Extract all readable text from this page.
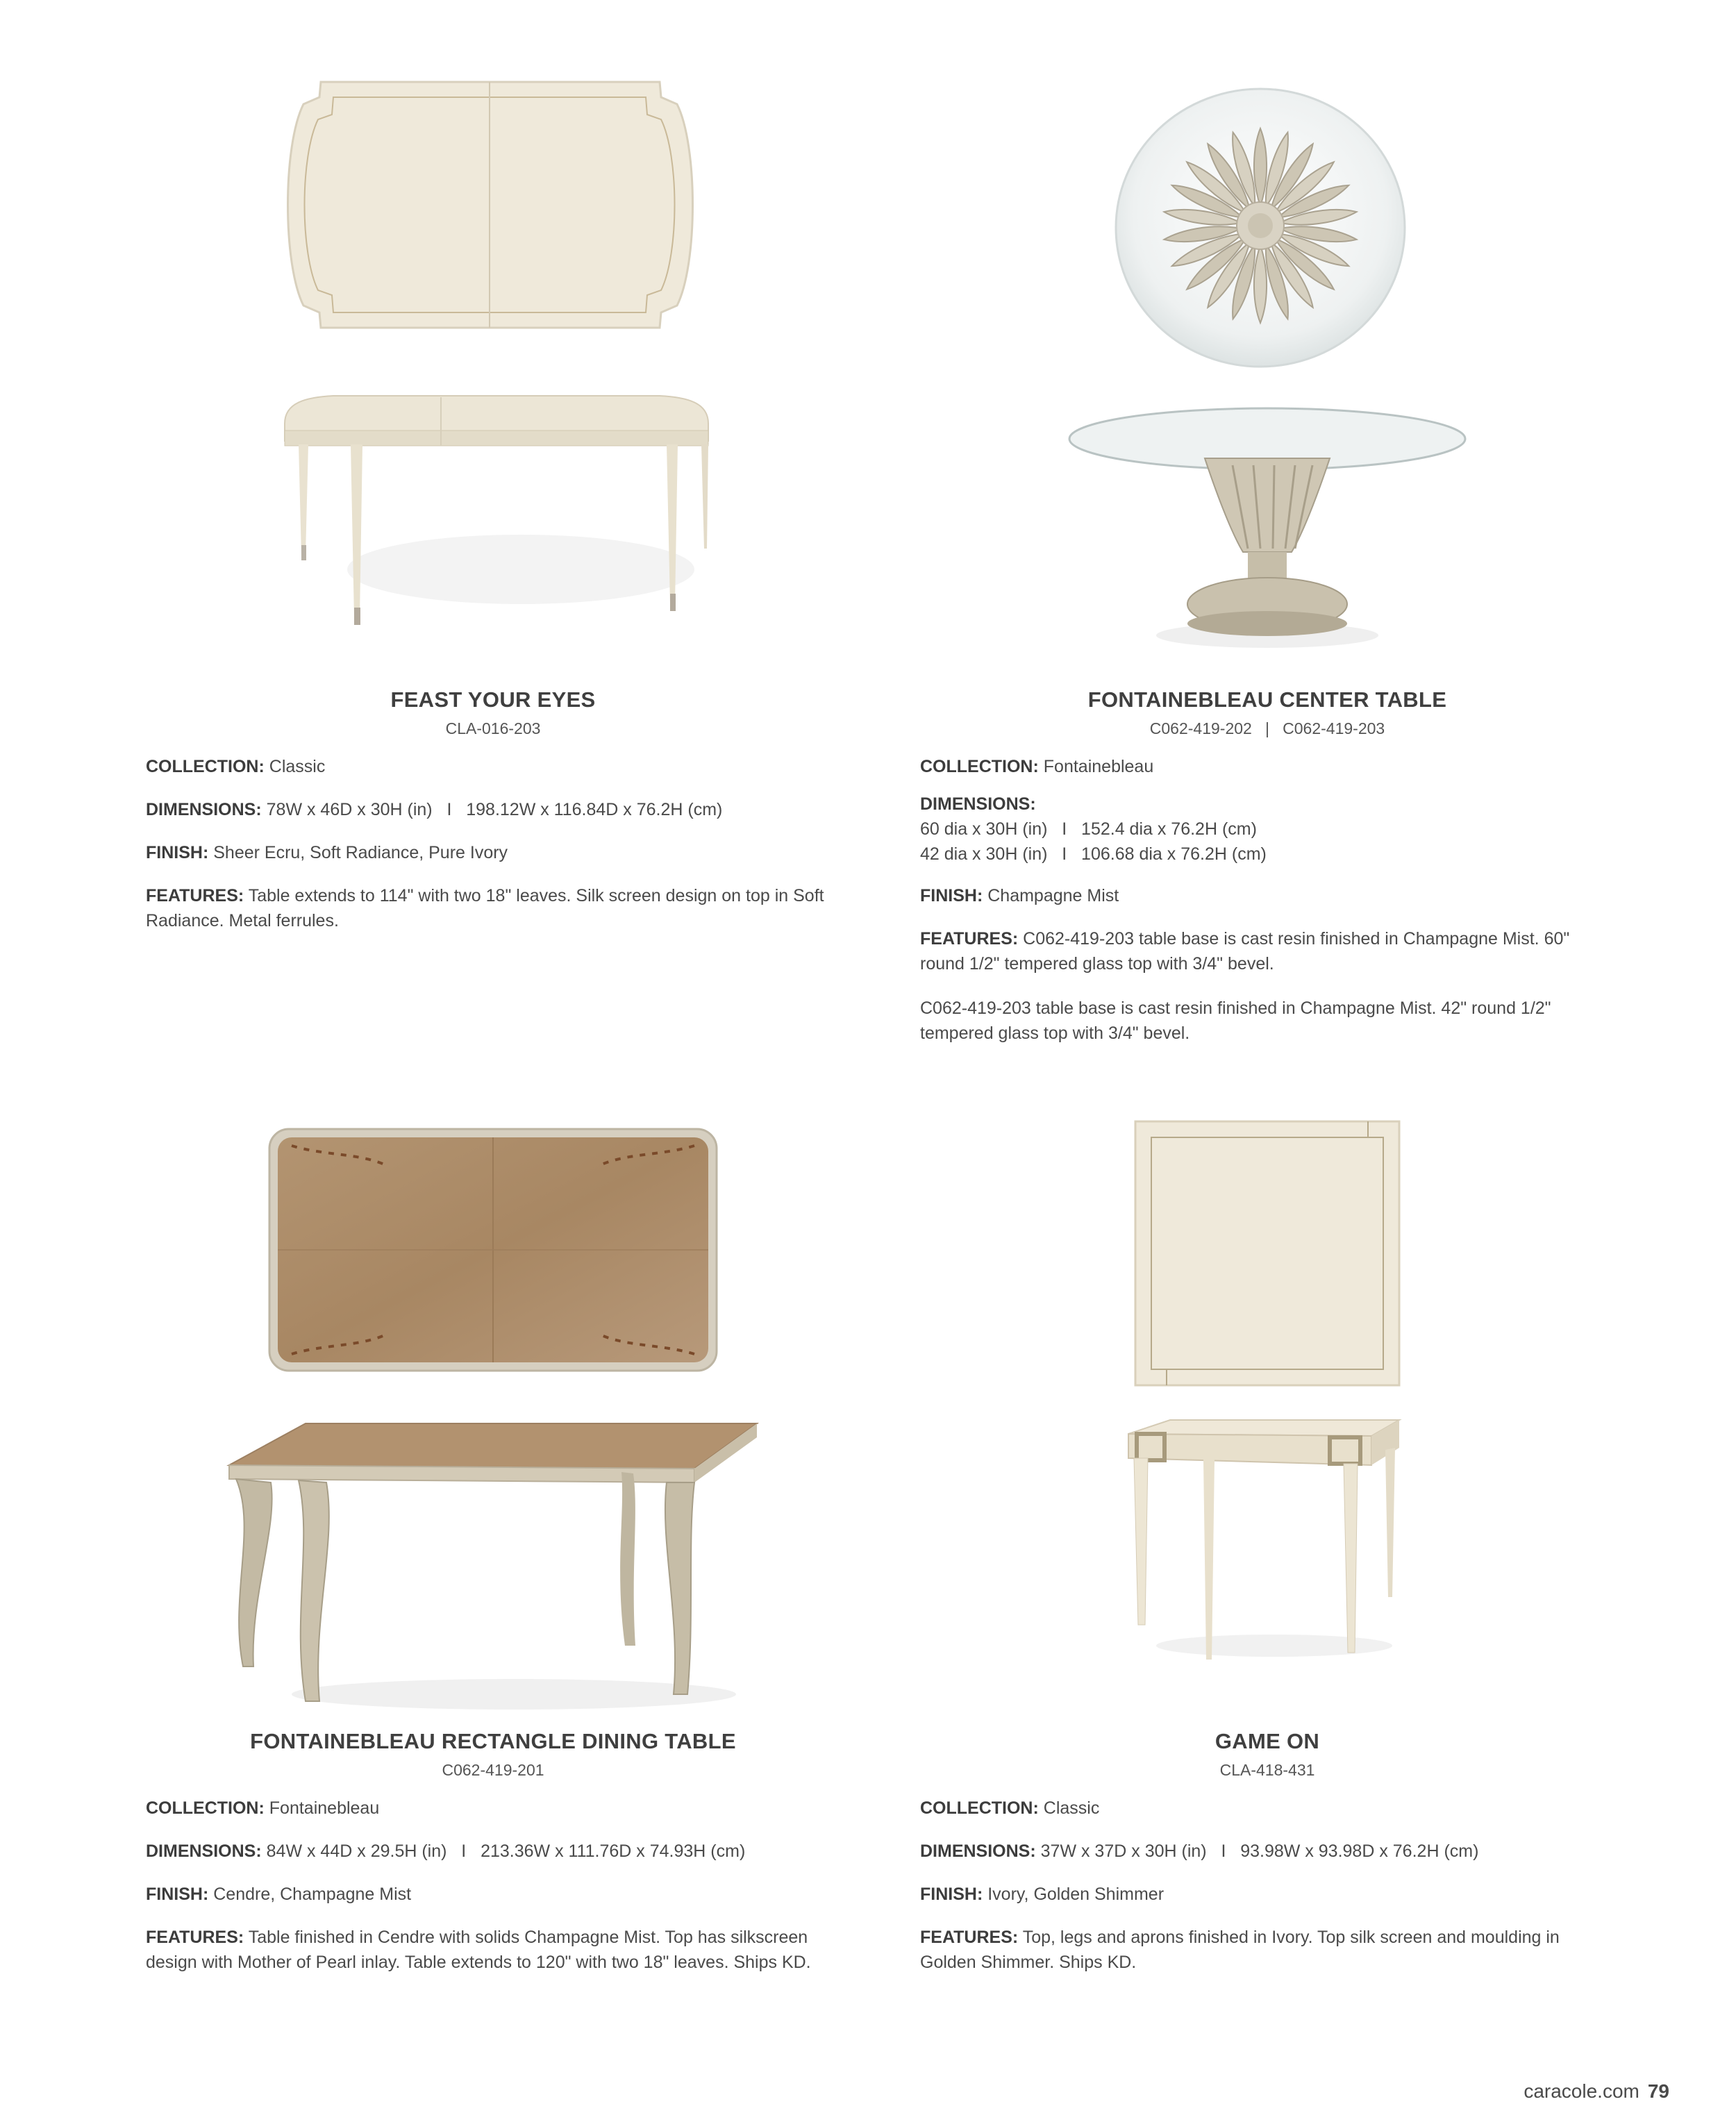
FEAST YOUR EYES
CLA-016-203
COLLECTION: Classic
DIMENSIONS: 78W x 46D x 30H (in)   I   198.12W x 116.84D x 76.2H (cm)
FINISH: Sheer Ecru, Soft Radiance, Pure Ivory
FEATURES: Table extends to 114" with two 18" leaves. Silk screen design on top in Soft Radiance. Metal ferrules.
FONTAINEBLEAU CENTER TABLE
C062-419-202   |   C062-419-203
COLLECTION: Fontainebleau
DIMENSIONS:
60 dia x 30H (in)   I   152.4 dia x 76.2H (cm)
42 dia x 30H (in)   I   106.68 dia x 76.2H (cm)
FINISH: Champagne Mist
FEATURES: C062-419-203 table base is cast resin finished in Champagne Mist. 60" round 1/2" tempered glass top with 3/4" bevel.
C062-419-203 table base is cast resin finished in Champagne Mist. 42" round 1/2" tempered glass top with 3/4" bevel.
FONTAINEBLEAU RECTANGLE DINING TABLE
C062-419-201
COLLECTION: Fontainebleau
DIMENSIONS: 84W x 44D x 29.5H (in)   I   213.36W x 111.76D x 74.93H (cm)
FINISH: Cendre, Champagne Mist
FEATURES: Table finished in Cendre with solids Champagne Mist. Top has silkscreen design with Mother of Pearl inlay. Table extends to 120" with two 18" leaves. Ships KD.
GAME ON
CLA-418-431
COLLECTION: Classic
DIMENSIONS: 37W x 37D x 30H (in)   I   93.98W x 93.98D x 76.2H (cm)
FINISH: Ivory, Golden Shimmer
FEATURES: Top, legs and aprons finished in Ivory. Top silk screen and moulding in Golden Shimmer. Ships KD.
caracole.com 79
